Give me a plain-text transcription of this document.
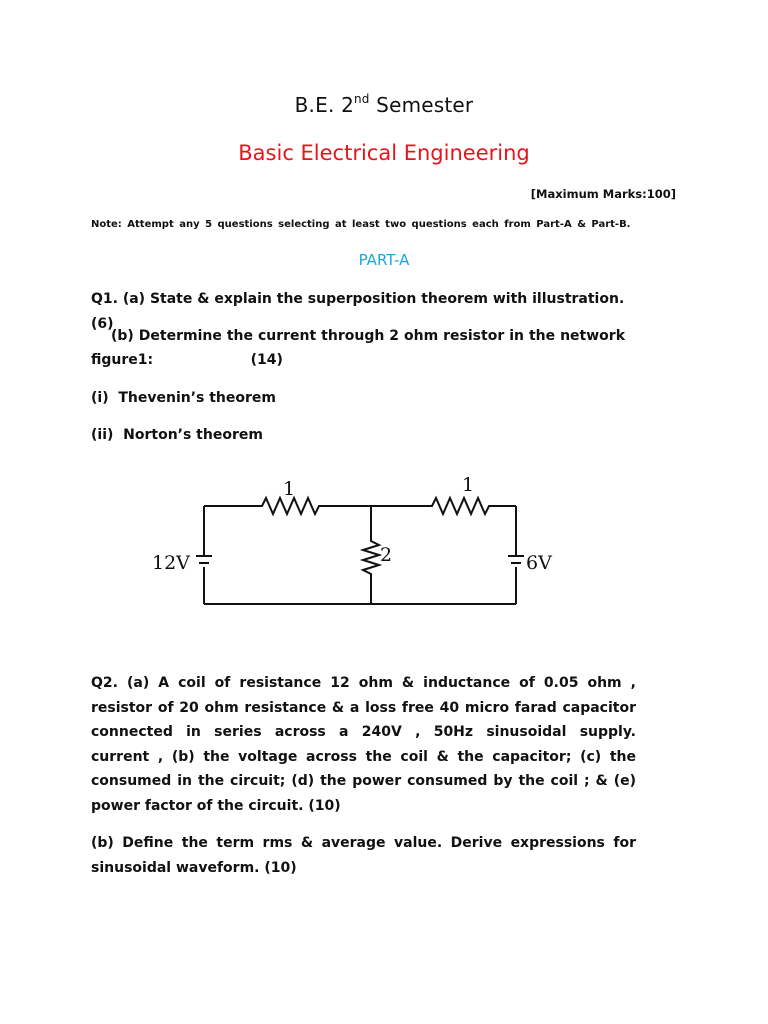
B.E. 2nd Semester
Basic Electrical Engineering
[Maximum Marks:100]
Note: Attempt any 5 questions selecting at least two questions each from Part-A & Part-B.
PART-A
Q1. (a) State & explain the superposition theorem with illustration. (6)
(b) Determine the current through 2 ohm resistor in the network
figure1:                    (14)
(i)  Thevenin’s theorem
(ii)  Norton’s theorem
1	1
2
12V	6V
Q2. (a) A coil of resistance 12 ohm & inductance of 0.05 ohm ,
resistor of 20 ohm resistance & a loss free 40 micro farad capacitor
connected in series across a 240V , 50Hz sinusoidal supply.
current , (b) the voltage across the coil & the capacitor; (c) the
consumed in the circuit; (d) the power consumed by the coil ; & (e)
power factor of the circuit. (10)
(b) Define the term rms & average value. Derive expressions for
sinusoidal waveform. (10)
